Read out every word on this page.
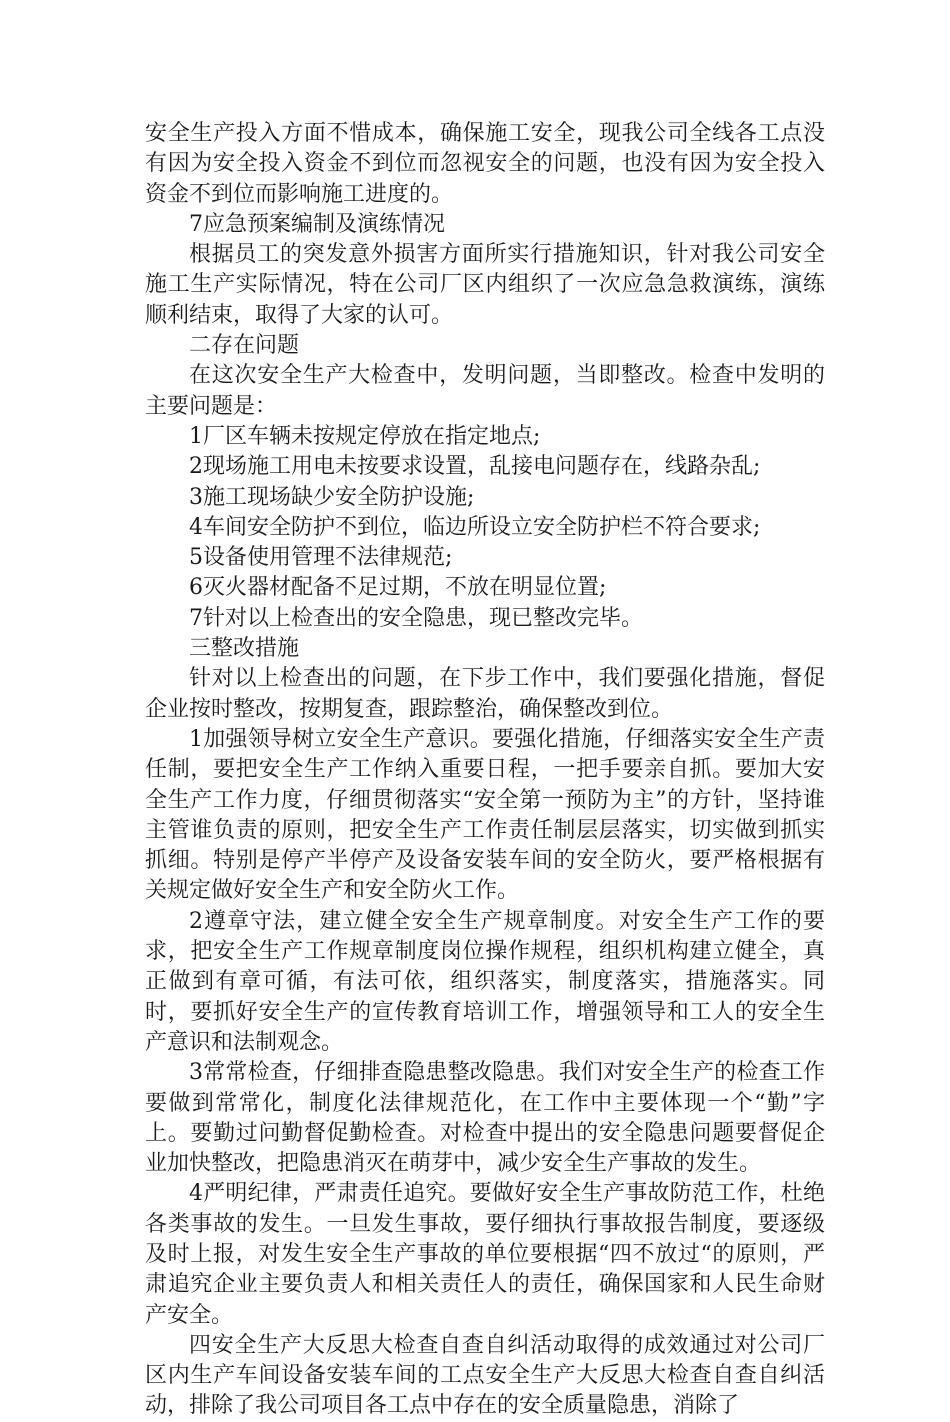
安全生产投入方面不惜成本，确保施工安全，现我公司全线各工点没有因为安全投入资金不到位而忽视安全的问题，也没有因为安全投入资金不到位而影响施工进度的。

7应急预案编制及演练情况

根据员工的突发意外损害方面所实行措施知识，针对我公司安全施工生产实际情况，特在公司厂区内组织了一次应急急救演练，演练顺利结束，取得了大家的认可。

二存在问题

在这次安全生产大检查中，发明问题，当即整改。检查中发明的主要问题是：

1厂区车辆未按规定停放在指定地点;

2现场施工用电未按要求设置，乱接电问题存在，线路杂乱;

3施工现场缺少安全防护设施;

4车间安全防护不到位，临边所设立安全防护栏不符合要求;

5设备使用管理不法律规范;

6灭火器材配备不足过期，不放在明显位置;

7针对以上检查出的安全隐患，现已整改完毕。

三整改措施

针对以上检查出的问题，在下步工作中，我们要强化措施，督促企业按时整改，按期复查，跟踪整治，确保整改到位。

1加强领导树立安全生产意识。要强化措施，仔细落实安全生产责任制，要把安全生产工作纳入重要日程，一把手要亲自抓。要加大安全生产工作力度，仔细贯彻落实“安全第一预防为主”的方针，坚持谁主管谁负责的原则，把安全生产工作责任制层层落实，切实做到抓实抓细。特别是停产半停产及设备安装车间的安全防火，要严格根据有关规定做好安全生产和安全防火工作。

2遵章守法，建立健全安全生产规章制度。对安全生产工作的要求，把安全生产工作规章制度岗位操作规程，组织机构建立健全，真正做到有章可循，有法可依，组织落实，制度落实，措施落实。同时，要抓好安全生产的宣传教育培训工作，增强领导和工人的安全生产意识和法制观念。

3常常检查，仔细排查隐患整改隐患。我们对安全生产的检查工作要做到常常化，制度化法律规范化，在工作中主要体现一个“勤”字上。要勤过问勤督促勤检查。对检查中提出的安全隐患问题要督促企业加快整改，把隐患消灭在萌芽中，减少安全生产事故的发生。

4严明纪律，严肃责任追究。要做好安全生产事故防范工作，杜绝各类事故的发生。一旦发生事故，要仔细执行事故报告制度，要逐级及时上报，对发生安全生产事故的单位要根据“四不放过“的原则，严肃追究企业主要负责人和相关责任人的责任，确保国家和人民生命财产安全。

四安全生产大反思大检查自查自纠活动取得的成效通过对公司厂区内生产车间设备安装车间的工点安全生产大反思大检查自查自纠活动，排除了我公司项目各工点中存在的安全质量隐患，消除了
